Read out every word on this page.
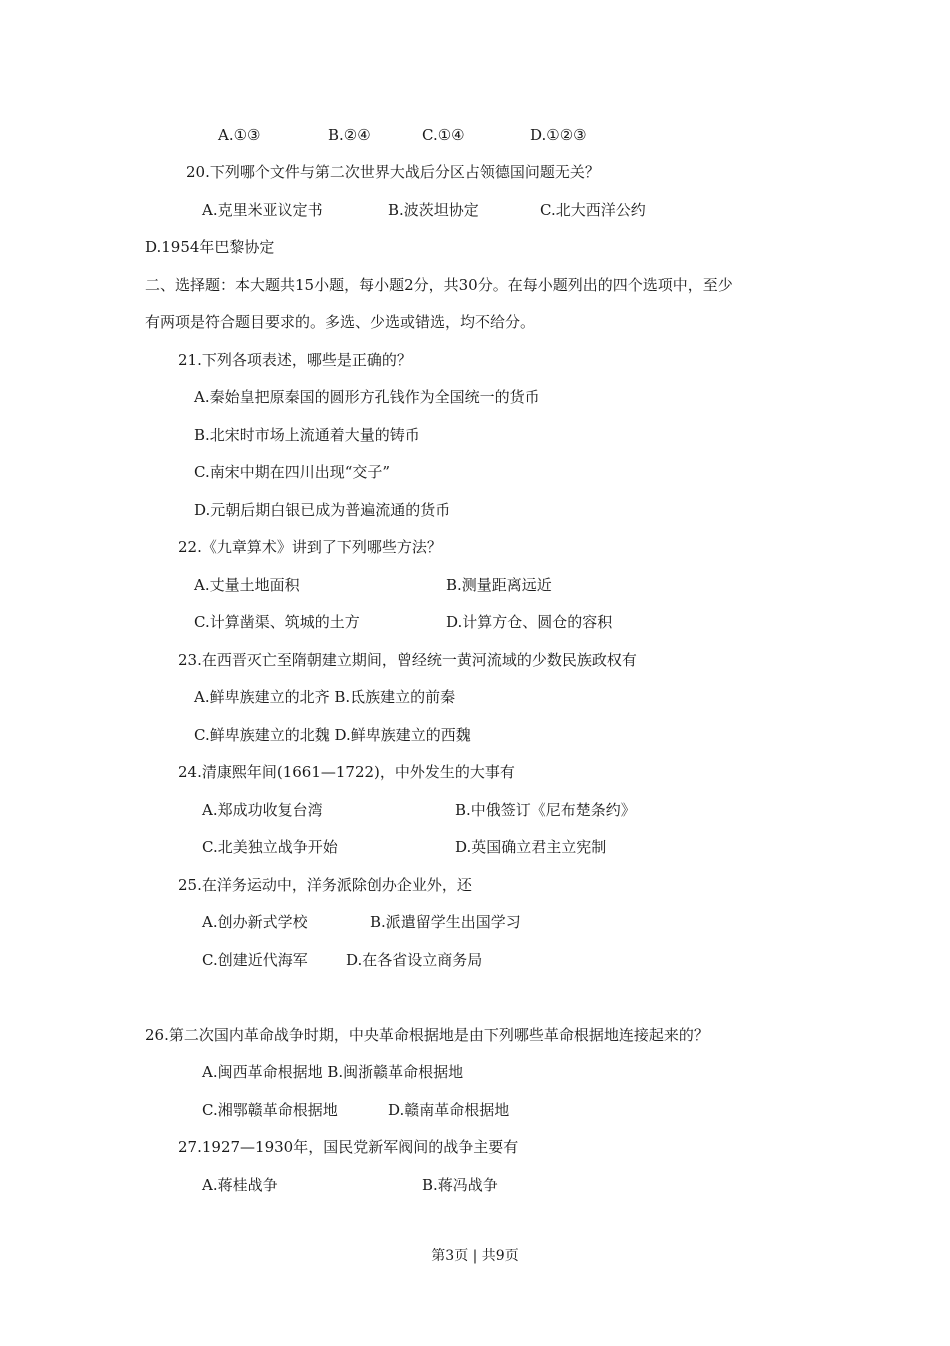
A.①③	B.②④	C.①④	D.①②③
20.下列哪个文件与第二次世界大战后分区占领德国问题无关？
A.克里米亚议定书	B.波茨坦协定	C.北大西洋公约
D.1954年巴黎协定
二、选择题：本大题共15小题，每小题2分，共30分。在每小题列出的四个选项中，至少
有两项是符合题目要求的。多选、少选或错选，均不给分。
21.下列各项表述，哪些是正确的？
A.秦始皇把原秦国的圆形方孔钱作为全国统一的货币
B.北宋时市场上流通着大量的铸币
C.南宋中期在四川出现“交子”
D.元朝后期白银已成为普遍流通的货币
22.《九章算术》讲到了下列哪些方法？
A.丈量土地面积	B.测量距离远近
C.计算凿渠、筑城的土方	D.计算方仓、圆仓的容积
23.在西晋灭亡至隋朝建立期间，曾经统一黄河流域的少数民族政权有
A.鲜卑族建立的北齐 B.氐族建立的前秦
C.鲜卑族建立的北魏 D.鲜卑族建立的西魏
24.清康熙年间(1661—1722)，中外发生的大事有
A.郑成功收复台湾	B.中俄签订《尼布楚条约》
C.北美独立战争开始	D.英国确立君主立宪制
25.在洋务运动中，洋务派除创办企业外，还
A.创办新式学校	B.派遣留学生出国学习
C.创建近代海军	D.在各省设立商务局
26.第二次国内革命战争时期，中央革命根据地是由下列哪些革命根据地连接起来的？
A.闽西革命根据地 B.闽浙赣革命根据地
C.湘鄂赣革命根据地	D.赣南革命根据地
27.1927—1930年，国民党新军阀间的战争主要有
A.蒋桂战争	B.蒋冯战争
第3页 | 共9页
